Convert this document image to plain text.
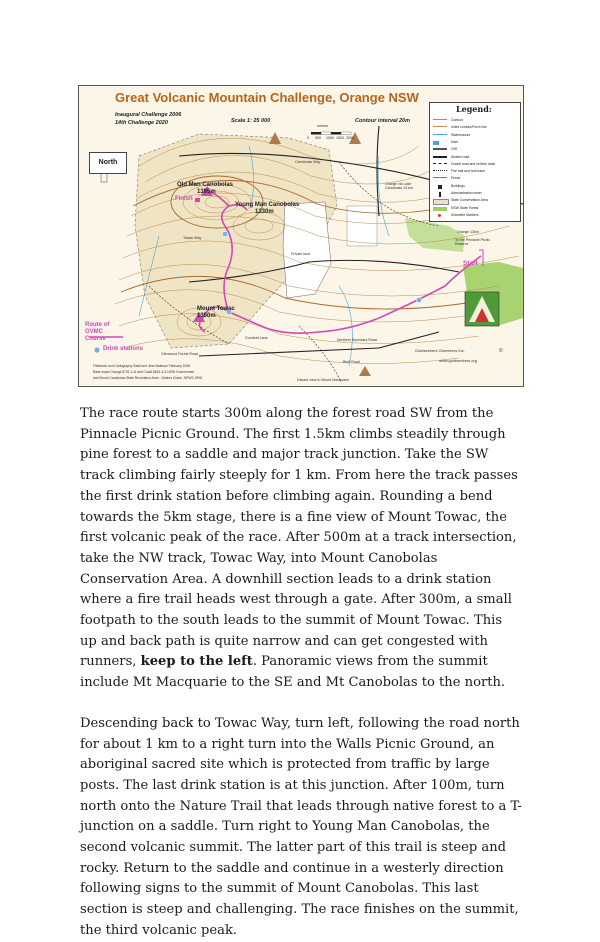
Great Volcanic Mountain Challenge, Orange NSW
Inaugural Challenge 2006
14th Challenge 2020	Scale 1: 25 000	Contour interval 20m
metres
0 500 1000 1500 2000
North
Old Man Canobolas
1395m
Young Man Canobolas
1330m
Mount Towac
1350m
Finish
Start
Towac Way
Canobolas Way
Orange via Lake Canobolas 13 km
Orange 13km
To the Pinnacle Picnic Reserve
Private land
Northern Boundary Road
Bluff Road
Distant view to Mount Macquarie
Gumleaf Lane
Glenwood Forest Road
Route of GVMC Course
Drink stations
Fieldwork and Cartography Basil and Jess Bateson February 2006
Base maps Orange 8731-1-N and Cudal 8631-4-S NSW Government
and Mount Canobolas State Recreation Area - Visitors Guide, NPWS 1998
Goldseekers Orienteers Inc.	©
www.goldseekers.org
Legend:
Contour
Index contour/Form line
Watercourse
Dam
Cliff
Sealed road
Gravel road and vehicle track
Fire trail and foot track
Fence
Buildings
Administration tower
State Conservation Area
NSW State Forest
Kilometre Markers

The race route starts 300m along the forest road SW from the Pinnacle Picnic Ground. The first 1.5km climbs steadily through pine forest to a saddle and major track junction. Take the SW track climbing fairly steeply for 1 km. From here the track passes the first drink station before climbing again. Rounding a bend towards the 5km stage, there is a fine view of Mount Towac, the first volcanic peak of the race. After 500m at a track intersection, take the NW track, Towac Way, into Mount Canobolas Conservation Area. A downhill section leads to a drink station where a fire trail heads west through a gate. After 300m, a small footpath to the south leads to the summit of Mount Towac. This up and back path is quite narrow and can get congested with runners, keep to the left. Panoramic views from the summit include Mt Macquarie to the SE and Mt Canobolas to the north.

Descending back to Towac Way, turn left, following the road north for about 1 km to a right turn into the Walls Picnic Ground, an aboriginal sacred site which is protected from traffic by large posts. The last drink station is at this junction. After 100m, turn north onto the Nature Trail that leads through native forest to a T-junction on a saddle. Turn right to Young Man Canobolas, the second volcanic summit. The latter part of this trail is steep and rocky. Return to the saddle and continue in a westerly direction following signs to the summit of Mount Canobolas. This last section is steep and challenging. The race finishes on the summit, the third volcanic peak.
